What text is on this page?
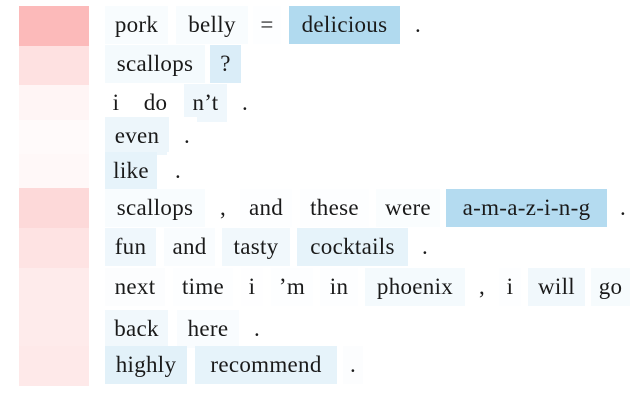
pork	belly	=	delicious	.
scallops	?
i	do	n’t	.
even	.
like	.
scallops	, and	these	were	a-m-a-z-i-n-g	.
fun	and	tasty	cocktails	.
next	time	i	’m	in	phoenix	, i	will	go
back	here	.
highly	recommend	.
